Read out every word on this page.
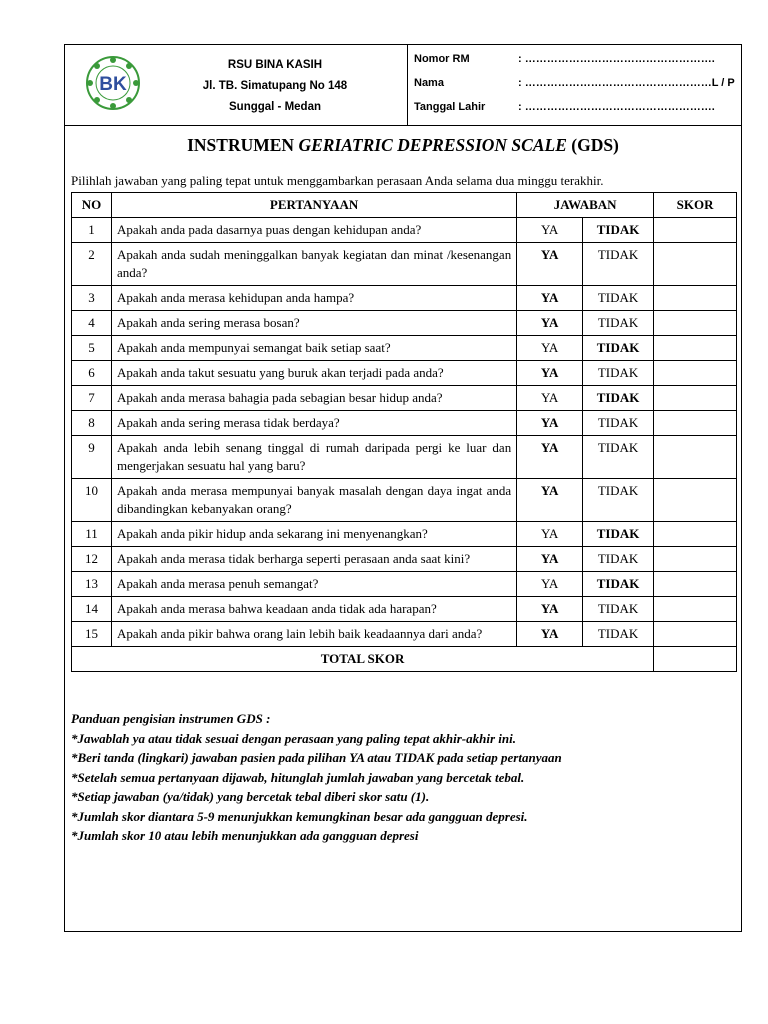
BK
RSU BINA KASIH
Jl. TB. Simatupang No 148
Sunggal - Medan
Nomor RM	: …………………………………………….
Nama	: ……………………………………………L / P
Tanggal Lahir	: …………………………………………….
INSTRUMEN GERIATRIC DEPRESSION SCALE (GDS)
Pilihlah jawaban yang paling tepat untuk menggambarkan perasaan Anda selama dua minggu terakhir.
NO	PERTANYAAN	JAWABAN		SKOR
1	Apakah anda pada dasarnya puas dengan kehidupan anda?	YA	TIDAK	
2	Apakah anda sudah meninggalkan banyak kegiatan dan minat /kesenangan anda?	YA	TIDAK	
3	Apakah anda merasa kehidupan anda hampa?	YA	TIDAK	
4	Apakah anda sering merasa bosan?	YA	TIDAK	
5	Apakah anda mempunyai semangat baik setiap saat?	YA	TIDAK	
6	Apakah anda takut sesuatu yang buruk akan terjadi pada anda?	YA	TIDAK	
7	Apakah anda merasa bahagia pada sebagian besar hidup anda?	YA	TIDAK	
8	Apakah anda sering merasa tidak berdaya?	YA	TIDAK	
9	Apakah anda lebih senang tinggal di rumah daripada pergi ke luar dan mengerjakan sesuatu hal yang baru?	YA	TIDAK	
10	Apakah anda merasa mempunyai banyak masalah dengan daya ingat anda dibandingkan kebanyakan orang?	YA	TIDAK	
11	Apakah anda pikir hidup anda sekarang ini menyenangkan?	YA	TIDAK	
12	Apakah anda merasa tidak berharga seperti perasaan anda saat kini?	YA	TIDAK	
13	Apakah anda merasa penuh semangat?	YA	TIDAK	
14	Apakah anda merasa bahwa keadaan anda tidak ada harapan?	YA	TIDAK	
15	Apakah anda pikir bahwa orang lain lebih baik keadaannya dari anda?	YA	TIDAK	
TOTAL SKOR				
Panduan pengisian instrumen GDS :
*Jawablah ya atau tidak sesuai dengan perasaan yang paling tepat akhir-akhir ini.
*Beri tanda (lingkari) jawaban pasien pada pilihan YA atau TIDAK pada setiap pertanyaan
*Setelah semua pertanyaan dijawab, hitunglah jumlah jawaban yang bercetak tebal.
*Setiap jawaban (ya/tidak) yang bercetak tebal diberi skor satu (1).
*Jumlah skor diantara 5-9 menunjukkan kemungkinan besar ada gangguan depresi.
*Jumlah skor 10 atau lebih menunjukkan ada gangguan depresi
